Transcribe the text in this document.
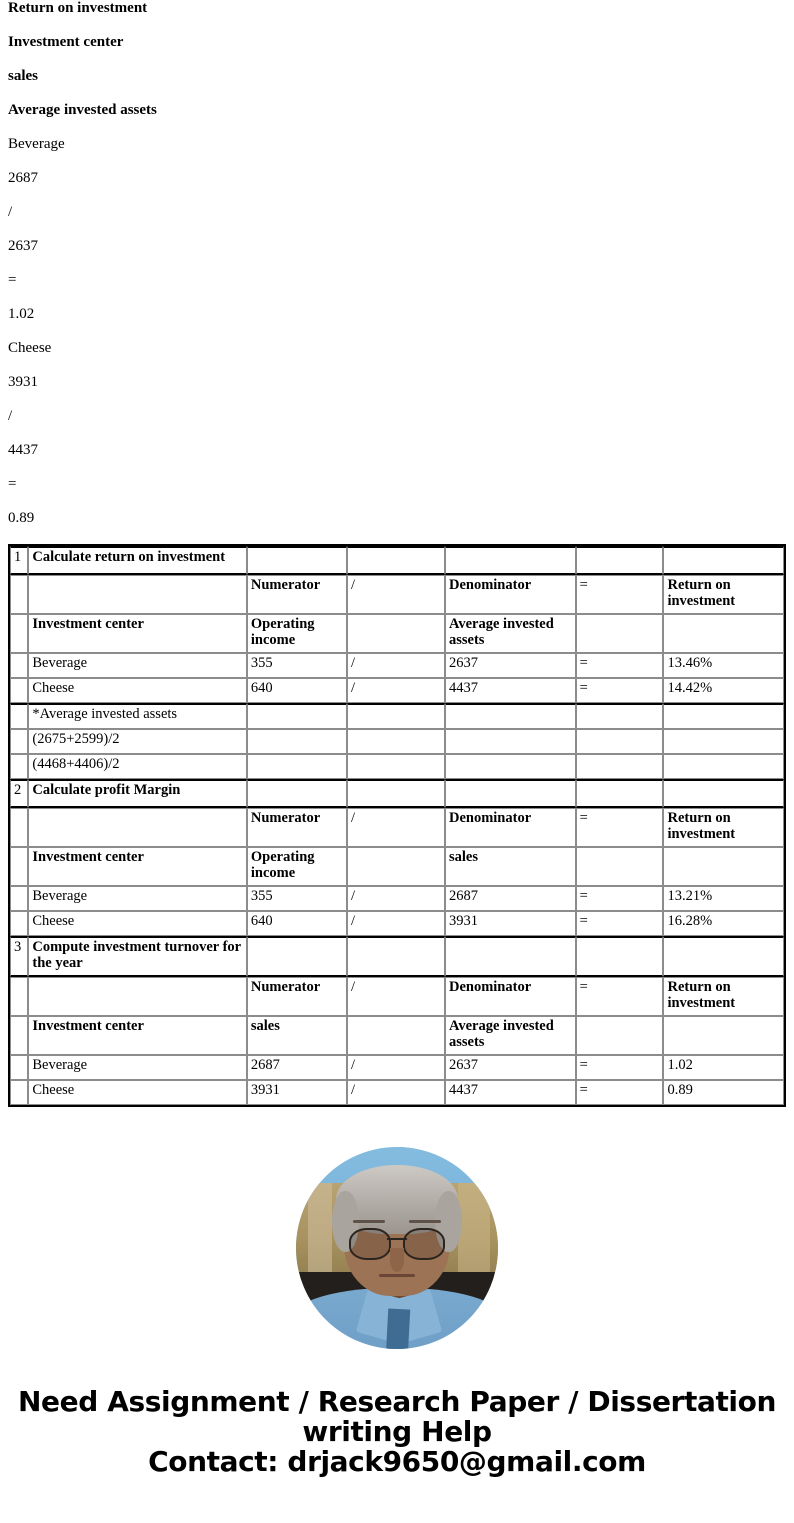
Return on investment
Investment center
sales
Average invested assets
Beverage
2687
/
2637
=
1.02
Cheese
3931
/
4437
=
0.89
1	Calculate return on investment					
		Numerator	/	Denominator	=	Return on investment
	Investment center	Operating income		Average invested assets		
	Beverage	355	/	2637	=	13.46%
	Cheese	640	/	4437	=	14.42%
	*Average invested assets					
	(2675+2599)/2					
	(4468+4406)/2					
2	Calculate profit Margin					
		Numerator	/	Denominator	=	Return on investment
	Investment center	Operating income		sales		
	Beverage	355	/	2687	=	13.21%
	Cheese	640	/	3931	=	16.28%
3	Compute investment turnover for the year					
		Numerator	/	Denominator	=	Return on investment
	Investment center	sales		Average invested assets		
	Beverage	2687	/	2637	=	1.02
	Cheese	3931	/	4437	=	0.89
Need Assignment / Research Paper / Dissertation
writing Help
Contact: drjack9650@gmail.com
